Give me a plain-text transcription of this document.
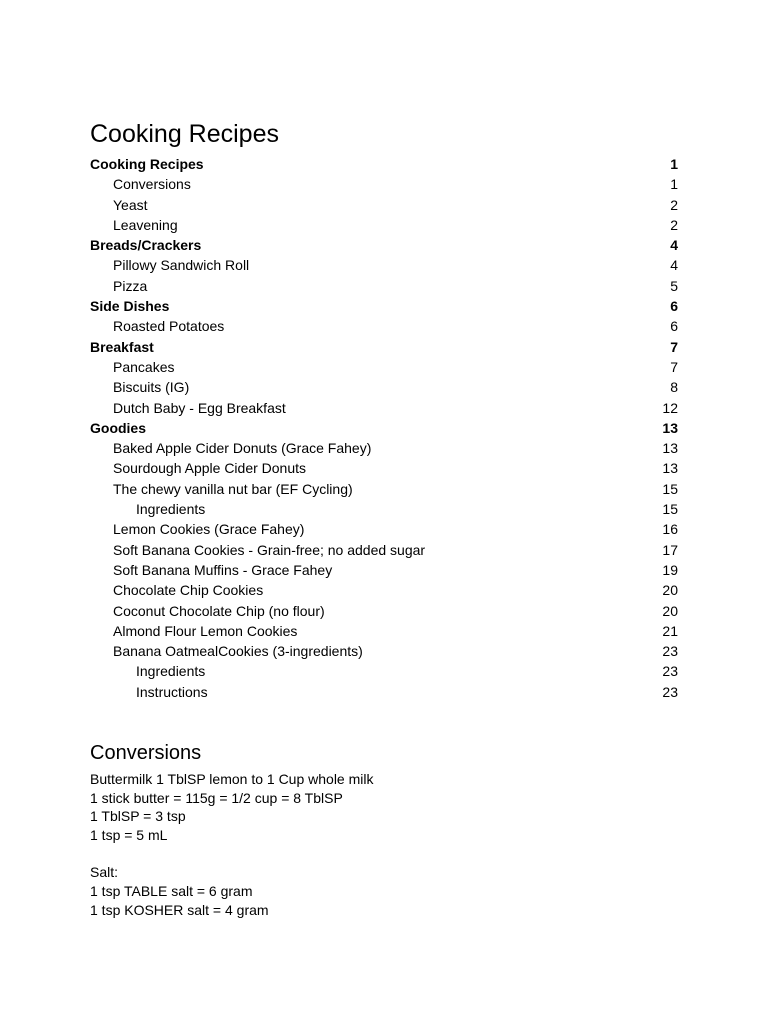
Cooking Recipes
Cooking Recipes	1
Conversions	1
Yeast	2
Leavening	2
Breads/Crackers	4
Pillowy Sandwich Roll	4
Pizza	5
Side Dishes	6
Roasted Potatoes	6
Breakfast	7
Pancakes	7
Biscuits (IG)	8
Dutch Baby - Egg Breakfast	12
Goodies	13
Baked Apple Cider Donuts (Grace Fahey)	13
Sourdough Apple Cider Donuts	13
The chewy vanilla nut bar (EF Cycling)	15
Ingredients	15
Lemon Cookies (Grace Fahey)	16
Soft Banana Cookies - Grain-free; no added sugar	17
Soft Banana Muffins - Grace Fahey	19
Chocolate Chip Cookies	20
Coconut Chocolate Chip (no flour)	20
Almond Flour Lemon Cookies	21
Banana OatmealCookies (3-ingredients)	23
Ingredients	23
Instructions	23
Conversions
Buttermilk 1 TblSP lemon to 1 Cup whole milk
1 stick butter = 115g = 1/2 cup = 8 TblSP
1 TblSP = 3 tsp
1 tsp = 5 mL
Salt:
1 tsp TABLE salt = 6 gram
1 tsp KOSHER salt = 4 gram
